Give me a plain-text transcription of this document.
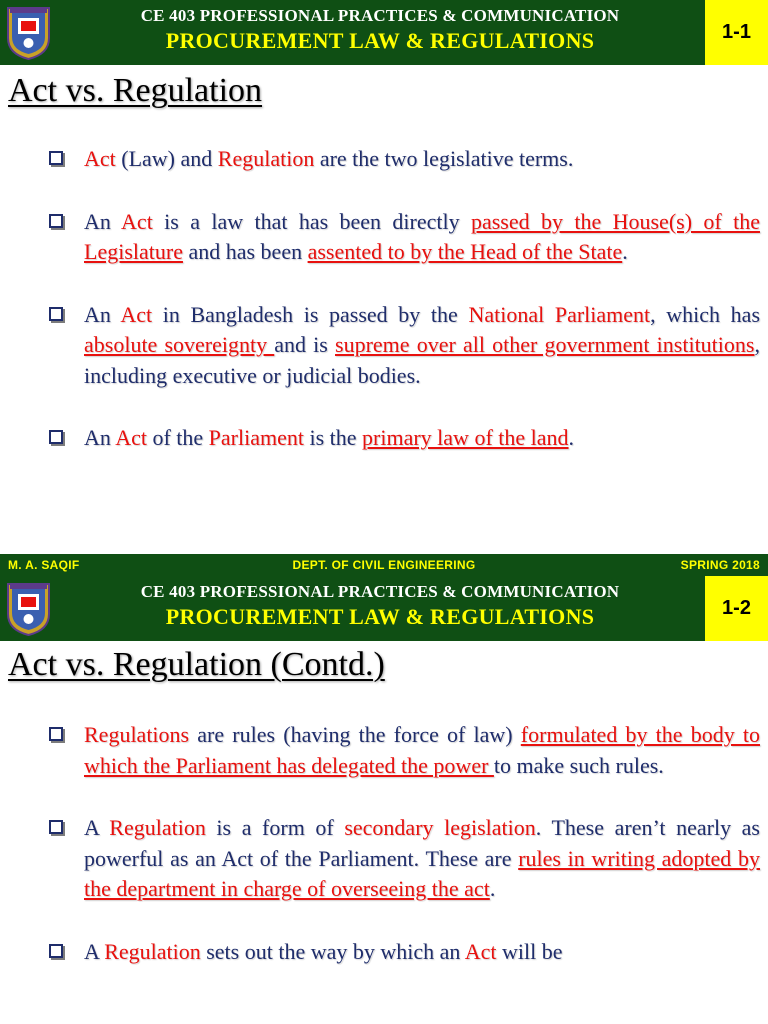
CE 403 PROFESSIONAL PRACTICES & COMMUNICATION
PROCUREMENT LAW & REGULATIONS	1-1
Act vs. Regulation
Act (Law) and Regulation are the two legislative terms.
An Act is a law that has been directly passed by the House(s) of the Legislature and has been assented to by the Head of the State.
An Act in Bangladesh is passed by the National Parliament, which has absolute sovereignty and is supreme over all other government institutions, including executive or judicial bodies.
An Act of the Parliament is the primary law of the land.
M. A. SAQIF	DEPT. OF CIVIL ENGINEERING	SPRING 2018
CE 403 PROFESSIONAL PRACTICES & COMMUNICATION
PROCUREMENT LAW & REGULATIONS	1-2
Act vs. Regulation (Contd.)
Regulations are rules (having the force of law) formulated by the body to which the Parliament has delegated the power to make such rules.
A Regulation is a form of secondary legislation. These aren’t nearly as powerful as an Act of the Parliament. These are rules in writing adopted by the department in charge of overseeing the act.
A Regulation sets out the way by which an Act will be
